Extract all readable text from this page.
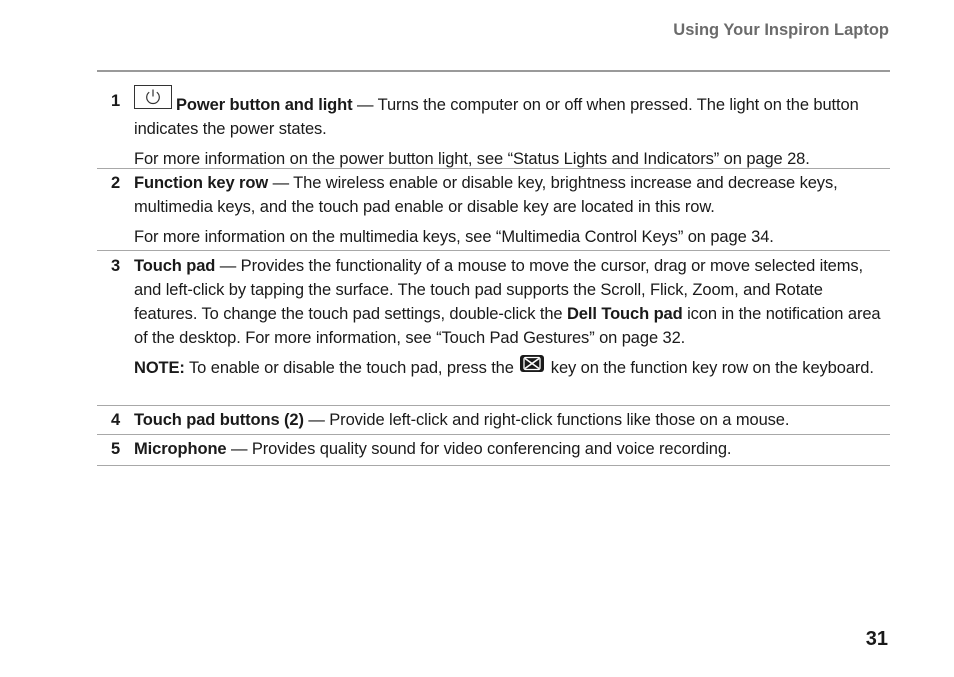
Using Your Inspiron Laptop
1	Power button and light — Turns the computer on or off when pressed. The light on the button indicates the power states.

For more information on the power button light, see “Status Lights and Indicators” on page 28.

2 Function key row — The wireless enable or disable key, brightness increase and decrease keys, multimedia keys, and the touch pad enable or disable key are located in this row.

For more information on the multimedia keys, see “Multimedia Control Keys” on page 34.

3 Touch pad — Provides the functionality of a mouse to move the cursor, drag or move selected items, and left-click by tapping the surface. The touch pad supports the Scroll, Flick, Zoom, and Rotate features. To change the touch pad settings, double-click the Dell Touch pad icon in the notification area of the desktop. For more information, see “Touch Pad Gestures” on page 32.

NOTE: To enable or disable the touch pad, press the
key on the function key row on the keyboard.

4 Touch pad buttons (2) — Provide left-click and right-click functions like those on a mouse.

5 Microphone — Provides quality sound for video conferencing and voice recording.

31
